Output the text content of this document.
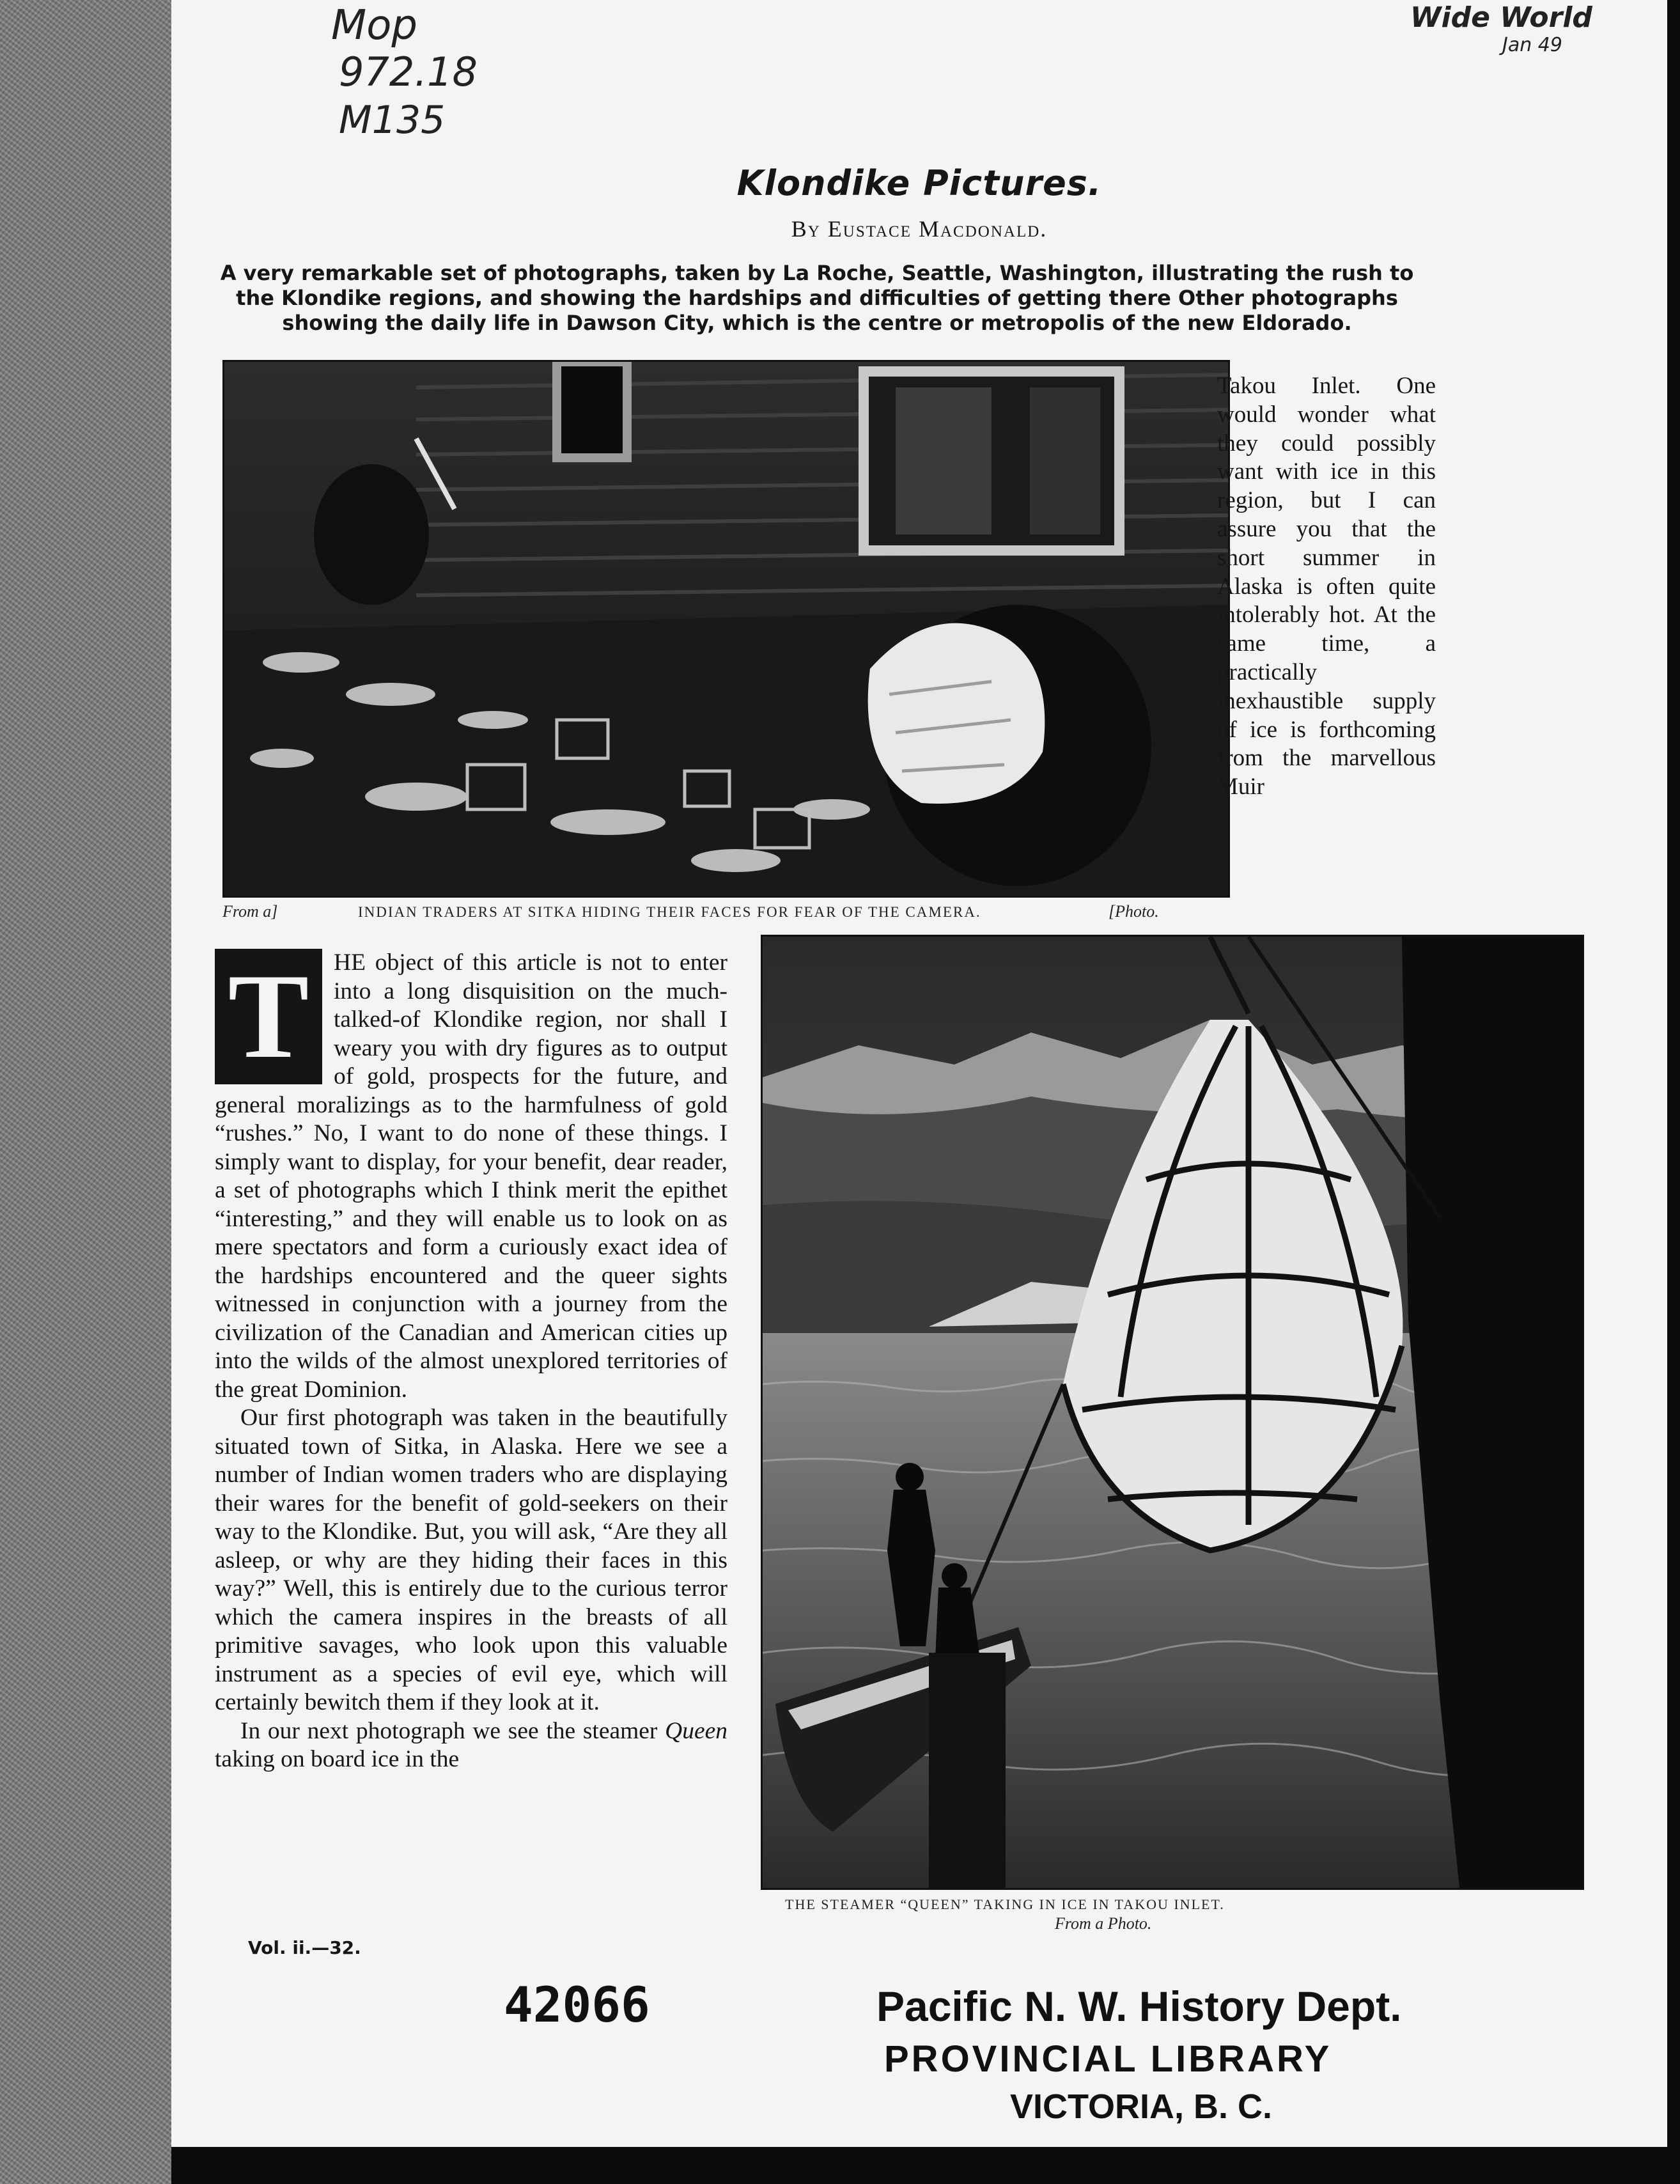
Mop
972.18
M135
Wide World
Jan 49
Klondike Pictures.
By Eustace Macdonald.
A very remarkable set of photographs, taken by La Roche, Seattle, Washington, illustrating the rush to the Klondike regions, and showing the hardships and difficulties of getting there Other photographs showing the daily life in Dawson City, which is the centre or metropolis of the new Eldorado.
From a]	INDIAN TRADERS AT SITKA HIDING THEIR FACES FOR FEAR OF THE CAMERA.	[Photo.
Takou Inlet. One would wonder what they could possibly want with ice in this region, but I can assure you that the short summer in Alaska is often quite intolerably hot. At the same time, a practically inexhaustible supply of ice is forthcoming from the marvellous Muir
THE STEAMER “QUEEN” TAKING IN ICE IN TAKOU INLET.
From a Photo.

T	HE object of this article is not to enter into a long disquisition on the much-talked-of Klondike region, nor shall I weary you with dry figures as to output of gold, prospects for the future, and general moralizings as to the harmfulness of gold “rushes.” No, I want to do none of these things. I simply want to display, for your benefit, dear reader, a set of photographs which I think merit the epithet “interesting,” and they will enable us to look on as mere spectators and form a curiously exact idea of the hardships encountered and the queer sights witnessed in conjunction with a journey from the civilization of the Canadian and American cities up into the wilds of the almost unexplored territories of the great Dominion.

Our first photograph was taken in the beautifully situated town of Sitka, in Alaska. Here we see a number of Indian women traders who are displaying their wares for the benefit of gold-seekers on their way to the Klondike. But, you will ask, “Are they all asleep, or why are they hiding their faces in this way?” Well, this is entirely due to the curious terror which the camera inspires in the breasts of all primitive savages, who look upon this valuable instrument as a species of evil eye, which will certainly bewitch them if they look at it.

In our next photograph we see the steamer Queen taking on board ice in the

Vol. ii.—32.
42066	Pacific N. W. History Dept.
PROVINCIAL LIBRARY
VICTORIA, B. C.
